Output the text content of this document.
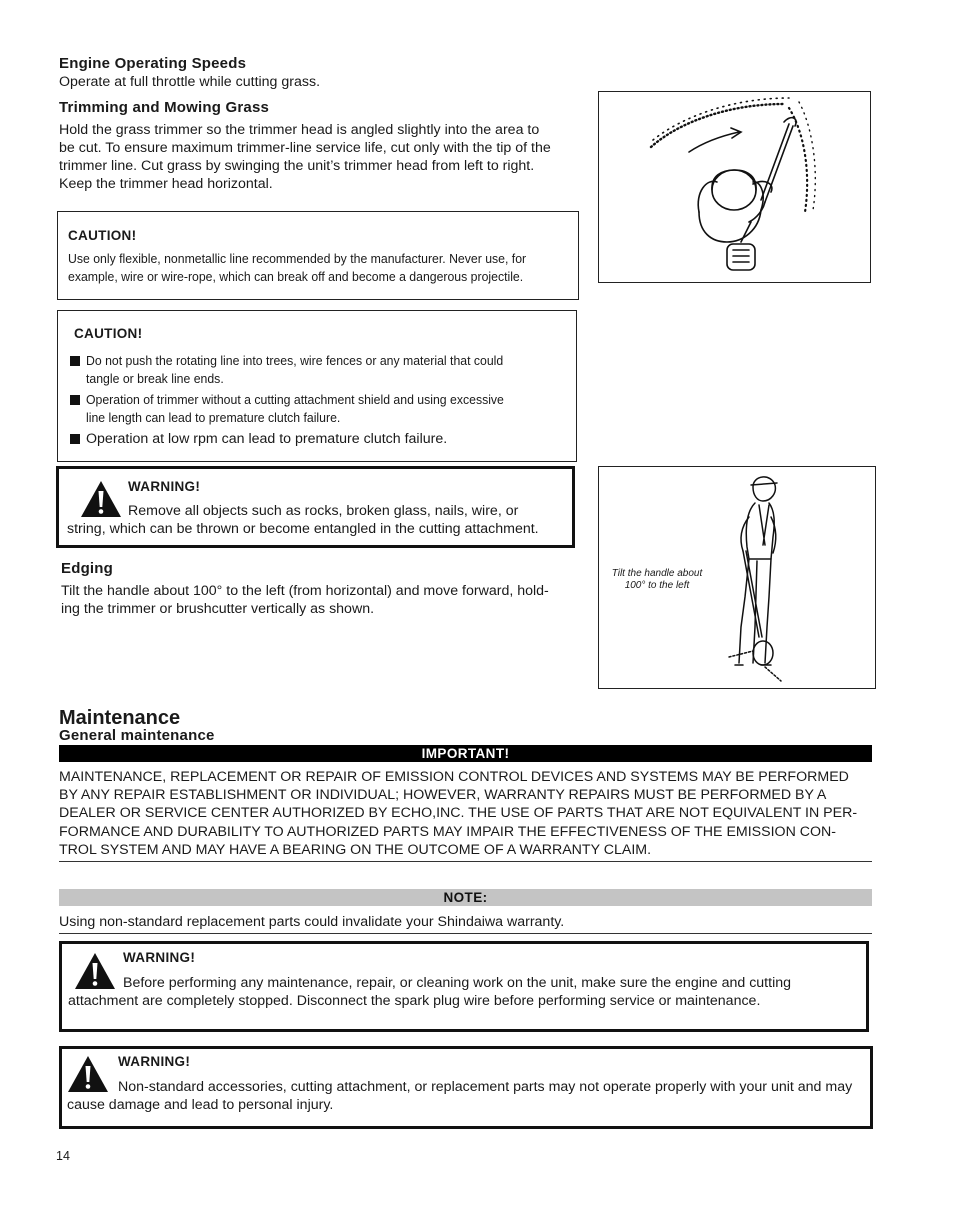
Engine Operating Speeds
Operate at full throttle while cutting grass.
Trimming and Mowing Grass
Hold the grass trimmer so the trimmer head is angled slightly into the area to
be cut. To ensure maximum trimmer-line service life, cut only with the tip of the
trimmer line. Cut grass by swinging the unit’s trimmer head from left to right.
Keep the trimmer head horizontal.
CAUTION!
Use only flexible, nonmetallic line recommended by the manufacturer. Never use, for
example, wire or wire-rope, which can break off and become a dangerous projectile.
CAUTION!
Do not push the rotating line into trees, wire fences or any material that could
tangle or break line ends.
Operation of trimmer without a cutting attachment shield and using excessive
line length can lead to premature clutch failure.
Operation at low rpm can lead to premature clutch failure.
WARNING!
Remove all objects such as rocks, broken glass, nails, wire, or
string, which can be thrown or become entangled in the cutting attachment.
Edging
Tilt the handle about 100° to the left (from horizontal) and move forward, hold-
ing the trimmer or brushcutter vertically as shown.
Tilt the handle about
100° to the left
Maintenance
General maintenance
IMPORTANT!
MAINTENANCE, REPLACEMENT OR REPAIR OF EMISSION CONTROL DEVICES AND SYSTEMS MAY BE PERFORMED
BY ANY REPAIR ESTABLISHMENT OR INDIVIDUAL; HOWEVER, WARRANTY REPAIRS MUST BE PERFORMED BY A
DEALER OR SERVICE CENTER AUTHORIZED BY ECHO,INC. THE USE OF PARTS THAT ARE NOT EQUIVALENT IN PER-
FORMANCE AND DURABILITY TO AUTHORIZED PARTS MAY IMPAIR THE EFFECTIVENESS OF THE EMISSION CON-
TROL SYSTEM AND MAY HAVE A BEARING ON THE OUTCOME OF A WARRANTY CLAIM.
NOTE:
Using non-standard replacement parts could invalidate your Shindaiwa warranty.
WARNING!
Before performing any maintenance, repair, or cleaning work on the unit, make sure the engine and cutting
attachment are completely stopped. Disconnect the spark plug wire before performing service or maintenance.
WARNING!
Non-standard accessories, cutting attachment, or replacement parts may not operate properly with your unit and may
cause damage and lead to personal injury.
14
